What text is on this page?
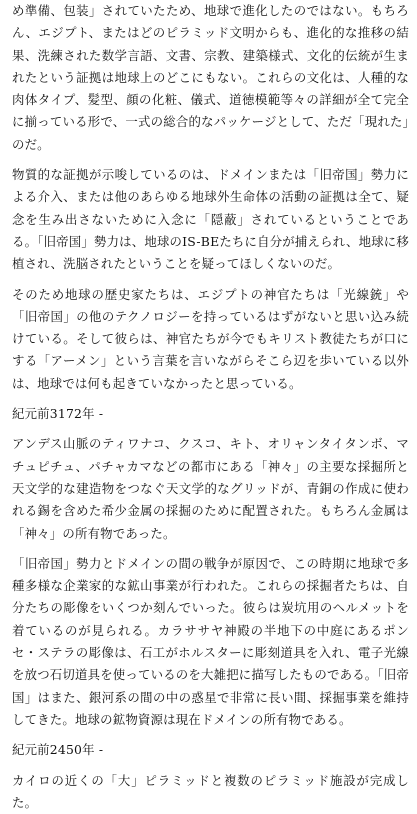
め準備、包装」されていたため、地球で進化したのではない。もちろん、エジプト、またはどのピラミッド文明からも、進化的な推移の結果、洗練された数学言語、文書、宗教、建築様式、文化的伝統が生まれたという証拠は地球上のどこにもない。これらの文化は、人種的な肉体タイプ、髪型、顔の化粧、儀式、道徳模範等々の詳細が全て完全に揃っている形で、一式の総合的なパッケージとして、ただ「現れた」のだ。

物質的な証拠が示唆しているのは、ドメインまたは「旧帝国」勢力による介入、または他のあらゆる地球外生命体の活動の証拠は全て、疑念を生み出さないために入念に「隠蔽」されているということである。「旧帝国」勢力は、地球のIS-BEたちに自分が捕えられ、地球に移植され、洗脳されたということを疑ってほしくないのだ。

そのため地球の歴史家たちは、エジプトの神官たちは「光線銃」や「旧帝国」の他のテクノロジーを持っているはずがないと思い込み続けている。そして彼らは、神官たちが今でもキリスト教徒たちが口にする「アーメン」という言葉を言いながらそこら辺を歩いている以外は、地球では何も起きていなかったと思っている。

紀元前3172年 -

アンデス山脈のティワナコ、クスコ、キト、オリャンタイタンボ、マチュピチュ、パチャカマなどの都市にある「神々」の主要な採掘所と天文学的な建造物をつなぐ天文学的なグリッドが、青銅の作成に使われる錫を含めた希少金属の採掘のために配置された。もちろん金属は「神々」の所有物であった。

「旧帝国」勢力とドメインの間の戦争が原因で、この時期に地球で多種多様な企業家的な鉱山事業が行われた。これらの採掘者たちは、自分たちの彫像をいくつか刻んでいった。彼らは炭坑用のヘルメットを着ているのが見られる。カラササヤ神殿の半地下の中庭にあるポンセ・ステラの彫像は、石工がホルスターに彫刻道具を入れ、電子光線を放つ石切道具を使っているのを大雑把に描写したものである。「旧帝国」はまた、銀河系の間の中の惑星で非常に長い間、採掘事業を維持してきた。地球の鉱物資源は現在ドメインの所有物である。

紀元前2450年 -

カイロの近くの「大」ピラミッドと複数のピラミッド施設が完成した。
